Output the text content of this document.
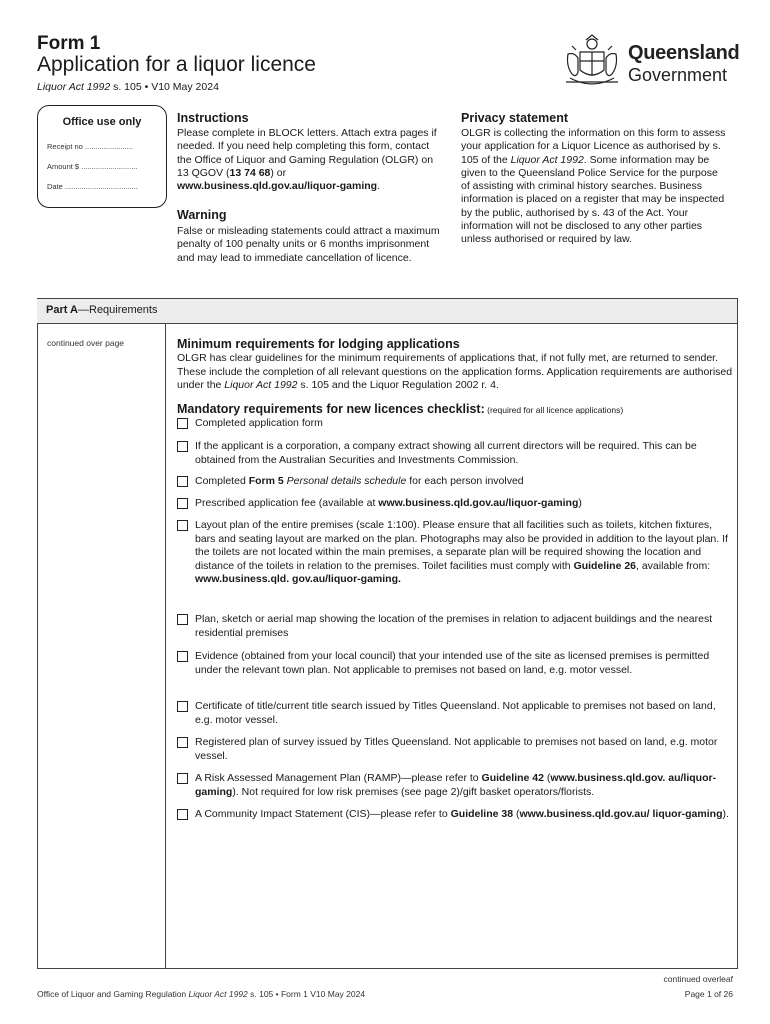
Form 1
Application for a liquor licence
Liquor Act 1992 s. 105 • V10 May 2024
Queensland
Government
Office use only
Receipt no .......................
Amount $ ...........................
Date ...................................
Instructions
Please complete in BLOCK letters. Attach extra pages if needed. If you need help completing this form, contact the Office of Liquor and Gaming Regulation (OLGR) on 13 QGOV (13 74 68) or www.business.qld.gov.au/liquor-gaming.
Warning
False or misleading statements could attract a maximum penalty of 100 penalty units or 6 months imprisonment and may lead to immediate cancellation of licence.
Privacy statement
OLGR is collecting the information on this form to assess your application for a Liquor Licence as authorised by s. 105 of the Liquor Act 1992. Some information may be given to the Queensland Police Service for the purpose of assisting with criminal history searches. Business information is placed on a register that may be inspected by the public, authorised by s. 43 of the Act. Your information will not be disclosed to any other parties unless authorised or required by law.
Part A—Requirements
continued over page	Minimum requirements for lodging applications
OLGR has clear guidelines for the minimum requirements of applications that, if not fully met, are returned to sender. These include the completion of all relevant questions on the application forms. Application requirements are authorised under the Liquor Act 1992 s. 105 and the Liquor Regulation 2002 r. 4.
Mandatory requirements for new licences checklist: (required for all licence applications)
Completed application form
If the applicant is a corporation, a company extract showing all current directors will be required. This can be obtained from the Australian Securities and Investments Commission.
Completed Form 5 Personal details schedule for each person involved
Prescribed application fee (available at www.business.qld.gov.au/liquor-gaming)
Layout plan of the entire premises (scale 1:100). Please ensure that all facilities such as toilets, kitchen fixtures, bars and seating layout are marked on the plan. Photographs may also be provided in addition to the layout plan. If the toilets are not located within the main premises, a separate plan will be required showing the location and distance of the toilets in relation to the premises. Toilet facilities must comply with Guideline 26, available from: www.business.qld. gov.au/liquor-gaming.
Plan, sketch or aerial map showing the location of the premises in relation to adjacent buildings and the nearest residential premises
Evidence (obtained from your local council) that your intended use of the site as licensed premises is permitted under the relevant town plan. Not applicable to premises not based on land, e.g. motor vessel.
Certificate of title/current title search issued by Titles Queensland. Not applicable to premises not based on land, e.g. motor vessel.
Registered plan of survey issued by Titles Queensland. Not applicable to premises not based on land, e.g. motor vessel.
A Risk Assessed Management Plan (RAMP)—please refer to Guideline 42 (www.business.qld.gov. au/liquor-gaming). Not required for low risk premises (see page 2)/gift basket operators/florists.
A Community Impact Statement (CIS)—please refer to Guideline 38 (www.business.qld.gov.au/ liquor-gaming).
continued overleaf
Office of Liquor and Gaming Regulation Liquor Act 1992 s. 105 • Form 1 V10 May 2024	Page 1 of 26
